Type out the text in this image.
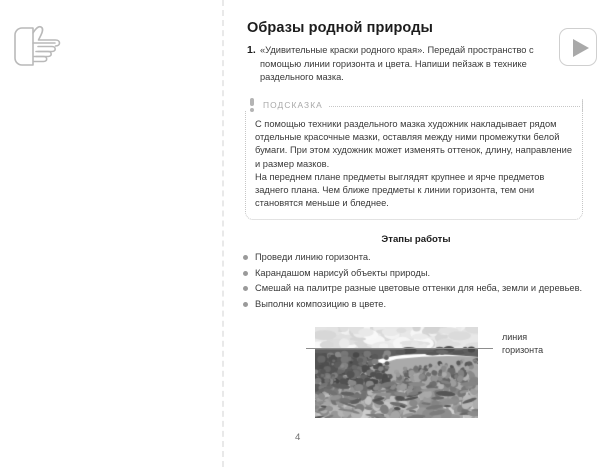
Образы родной природы
1. «Удивительные краски родного края». Передай пространство с помощью линии горизонта и цвета. Напиши пейзаж в технике раздельного мазка.
ПОДСКАЗКА

С помощью техники раздельного мазка художник накладывает рядом отдельные красочные мазки, оставляя между ними промежутки белой бумаги. При этом художник может изменять оттенок, длину, направление и размер мазков.

На переднем плане предметы выглядят крупнее и ярче предметов заднего плана. Чем ближе предметы к линии горизонта, тем они становятся меньше и бледнее.

Этапы работы
Проведи линию горизонта.
Карандашом нарисуй объекты природы.
Смешай на палитре разные цветовые оттенки для неба, земли и деревьев.
Выполни композицию в цвете.
линия
горизонта
4
